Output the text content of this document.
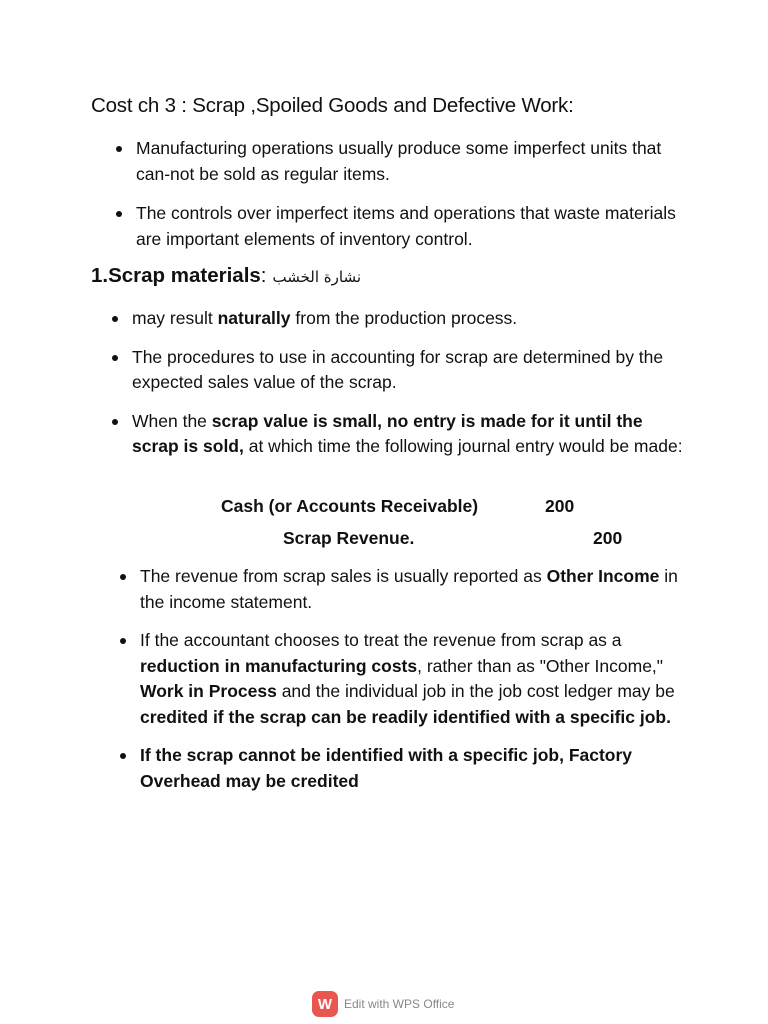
Cost ch 3 : Scrap ,Spoiled Goods and Defective Work:
Manufacturing operations usually produce some imperfect units that can-not be sold as regular items.
The controls over imperfect items and operations that waste materials are important elements of inventory control.
1.Scrap materials: نشارة الخشب
may result naturally from the production process.
The procedures to use in accounting for scrap are determined by the expected sales value of the scrap.
When the scrap value is small, no entry is made for it until the scrap is sold, at which time the following journal entry would be made:
Cash (or Accounts Receivable)	200
Scrap Revenue.	200
The revenue from scrap sales is usually reported as Other Income in the income statement.
If the accountant chooses to treat the revenue from scrap as a reduction in manufacturing costs, rather than as "Other Income," Work in Process and the individual job in the job cost ledger may be credited if the scrap can be readily identified with a specific job.
If the scrap cannot be identified with a specific job, Factory Overhead may be credited
W Edit with WPS Office
